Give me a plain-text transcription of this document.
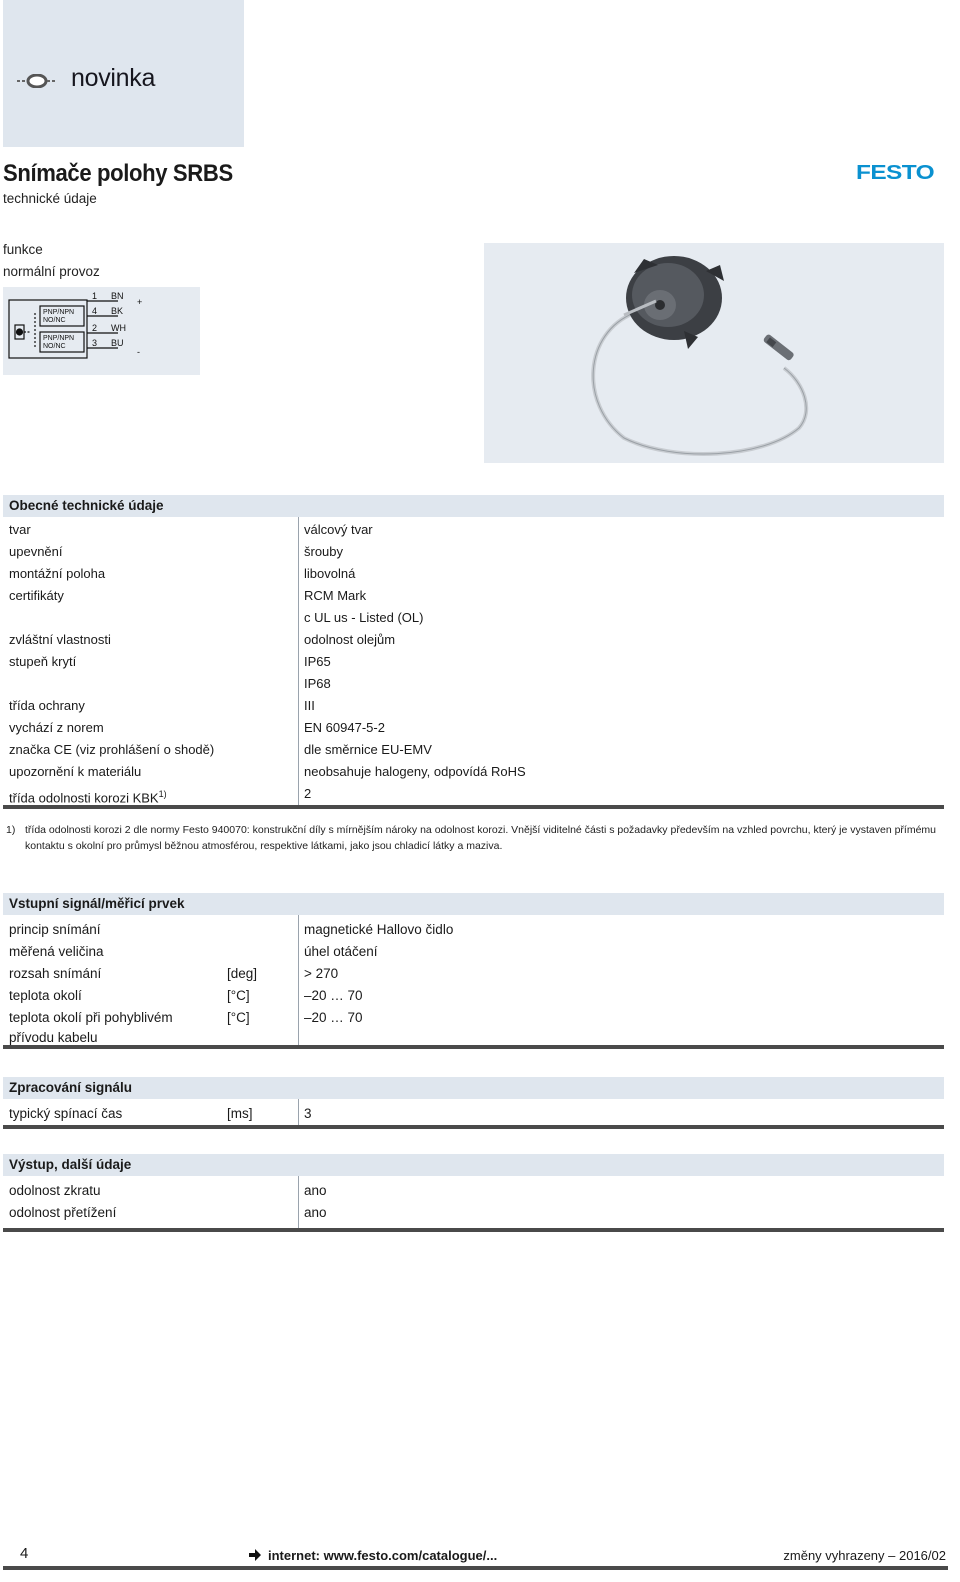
novinka
Snímače polohy SRBS
technické údaje
FESTO
funkce
normální provoz
PNP/NPN
NO/NC
PNP/NPN
NO/NC
1
4
2
3
BN
BK
WH
BU
+
-
Obecné technické údaje
tvar	válcový tvar
upevnění	šrouby
montážní poloha	libovolná
certifikáty	RCM Mark
c UL us - Listed (OL)
zvláštní vlastnosti	odolnost olejům
stupeň krytí	IP65
IP68
třída ochrany	III
vychází z norem	EN 60947-5-2
značka CE (viz prohlášení o shodě)	dle směrnice EU-EMV
upozornění k materiálu	neobsahuje halogeny, odpovídá RoHS
třída odolnosti korozi KBK$^{1)}$	2
1) třída odolnosti korozi 2 dle normy Festo 940070: konstrukční díly s mírnějším nároky na odolnost korozi. Vnější viditelné části s požadavky především na vzhled povrchu, který je vystaven přímému kontaktu s okolní pro průmysl běžnou atmosférou, respektive látkami, jako jsou chladicí látky a maziva.
Vstupní signál/měřicí prvek
princip snímání	magnetické Hallovo čidlo
měřená veličina	úhel otáčení
rozsah snímání	[deg]	> 270
teplota okolí	[°C]	–20 … 70
teplota okolí při pohyblivém přívodu kabelu
[°C]	–20 … 70
Zpracování signálu
typický spínací čas	[ms]	3
Výstup, další údaje
odolnost zkratu	ano
odolnost přetížení	ano
4	internet: www.festo.com/catalogue/...	změny vyhrazeny – 2016/02
